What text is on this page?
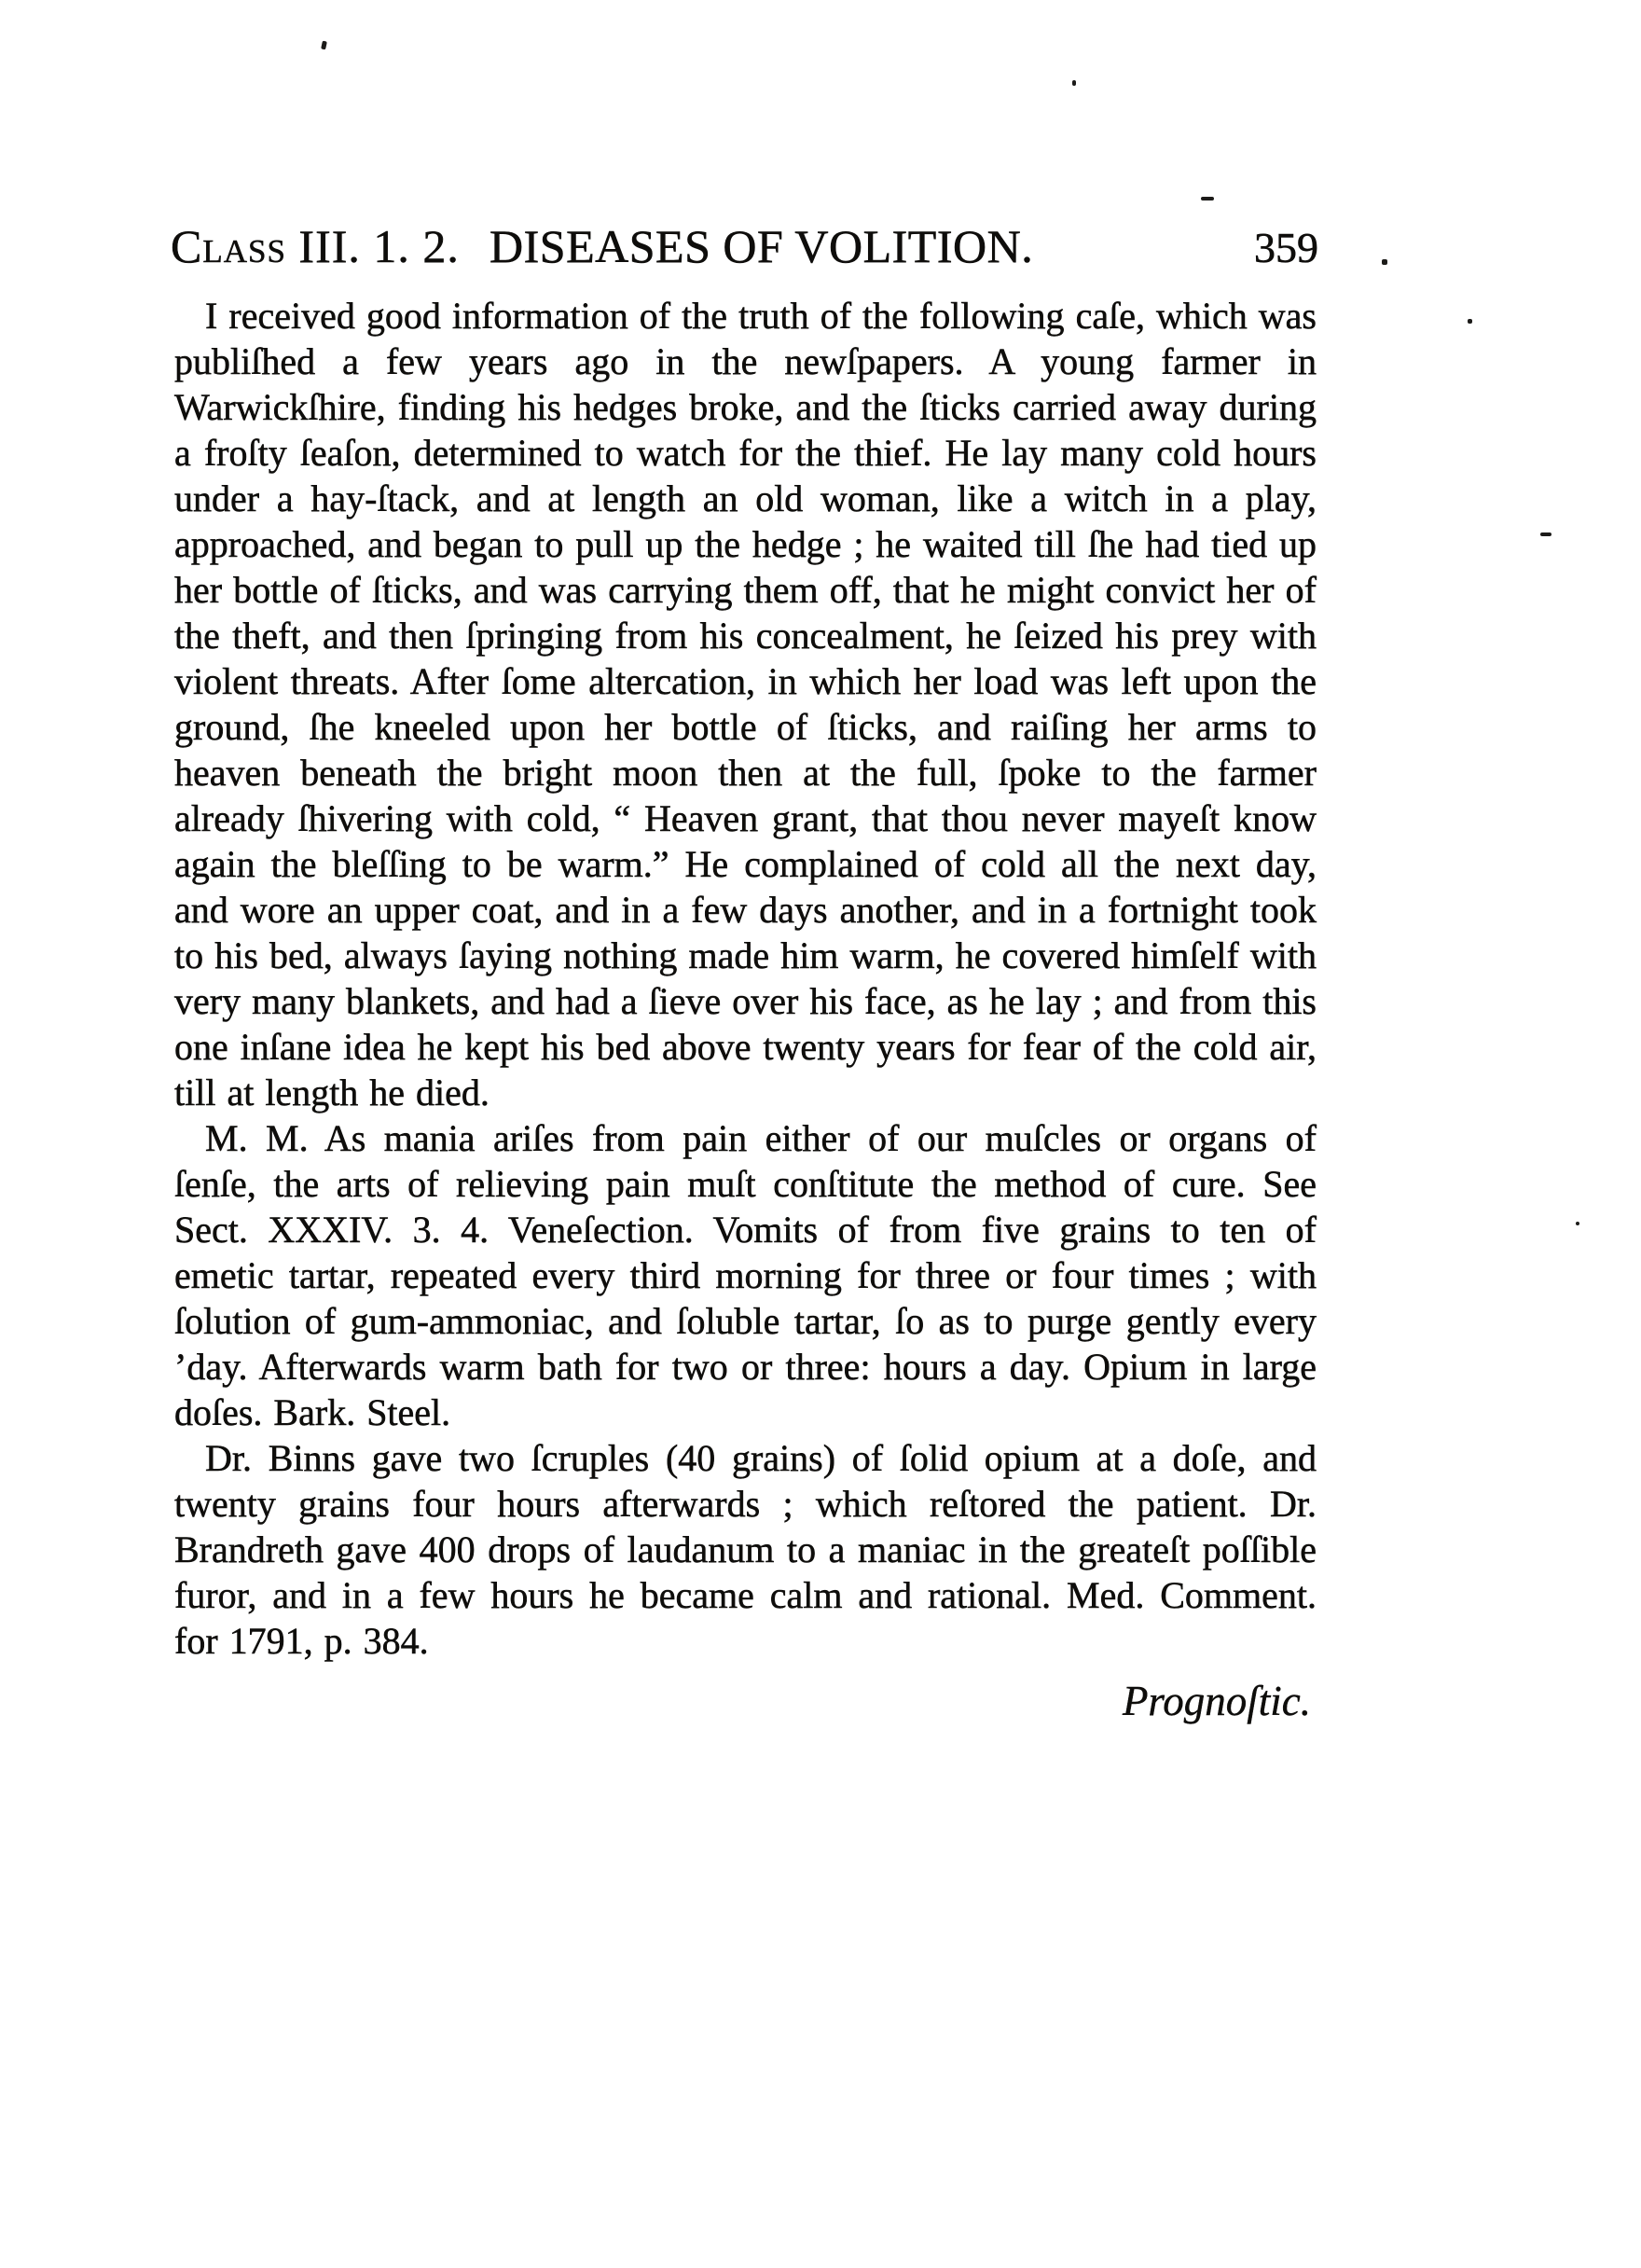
Class III. 1. 2. DISEASES OF VOLITION.	359

I received good information of the truth of the following caſe, which was publiſhed a few years ago in the newſpapers. A young farmer in Warwickſhire, finding his hedges broke, and the ſticks carried away during a froſty ſeaſon, determined to watch for the thief. He lay many cold hours under a hay-ſtack, and at length an old woman, like a witch in a play, approached, and began to pull up the hedge ; he waited till ſhe had tied up her bottle of ſticks, and was carrying them off, that he might convict her of the theft, and then ſpringing from his concealment, he ſeized his prey with violent threats. After ſome altercation, in which her load was left upon the ground, ſhe kneeled upon her bottle of ſticks, and raiſing her arms to heaven beneath the bright moon then at the full, ſpoke to the farmer already ſhivering with cold, “ Heaven grant, that thou never mayeſt know again the bleſſing to be warm.” He complained of cold all the next day, and wore an upper coat, and in a few days another, and in a fortnight took to his bed, always ſaying nothing made him warm, he covered himſelf with very many blankets, and had a ſieve over his face, as he lay ; and from this one inſane idea he kept his bed above twenty years for fear of the cold air, till at length he died.

M. M. As mania ariſes from pain either of our muſcles or organs of ſenſe, the arts of relieving pain muſt conſtitute the method of cure. See Sect. XXXIV. 3. 4. Veneſection. Vomits of from five grains to ten of emetic tartar, repeated every third morning for three or four times ; with ſolution of gum-ammoniac, and ſoluble tartar, ſo as to purge gently every ’day. Afterwards warm bath for two or three: hours a day. Opium in large doſes. Bark. Steel.

Dr. Binns gave two ſcruples (40 grains) of ſolid opium at a doſe, and twenty grains four hours afterwards ; which reſtored the patient. Dr. Brandreth gave 400 drops of laudanum to a maniac in the greateſt poſſible furor, and in a few hours he became calm and rational. Med. Comment. for 1791, p. 384.

Prognoſtic.
